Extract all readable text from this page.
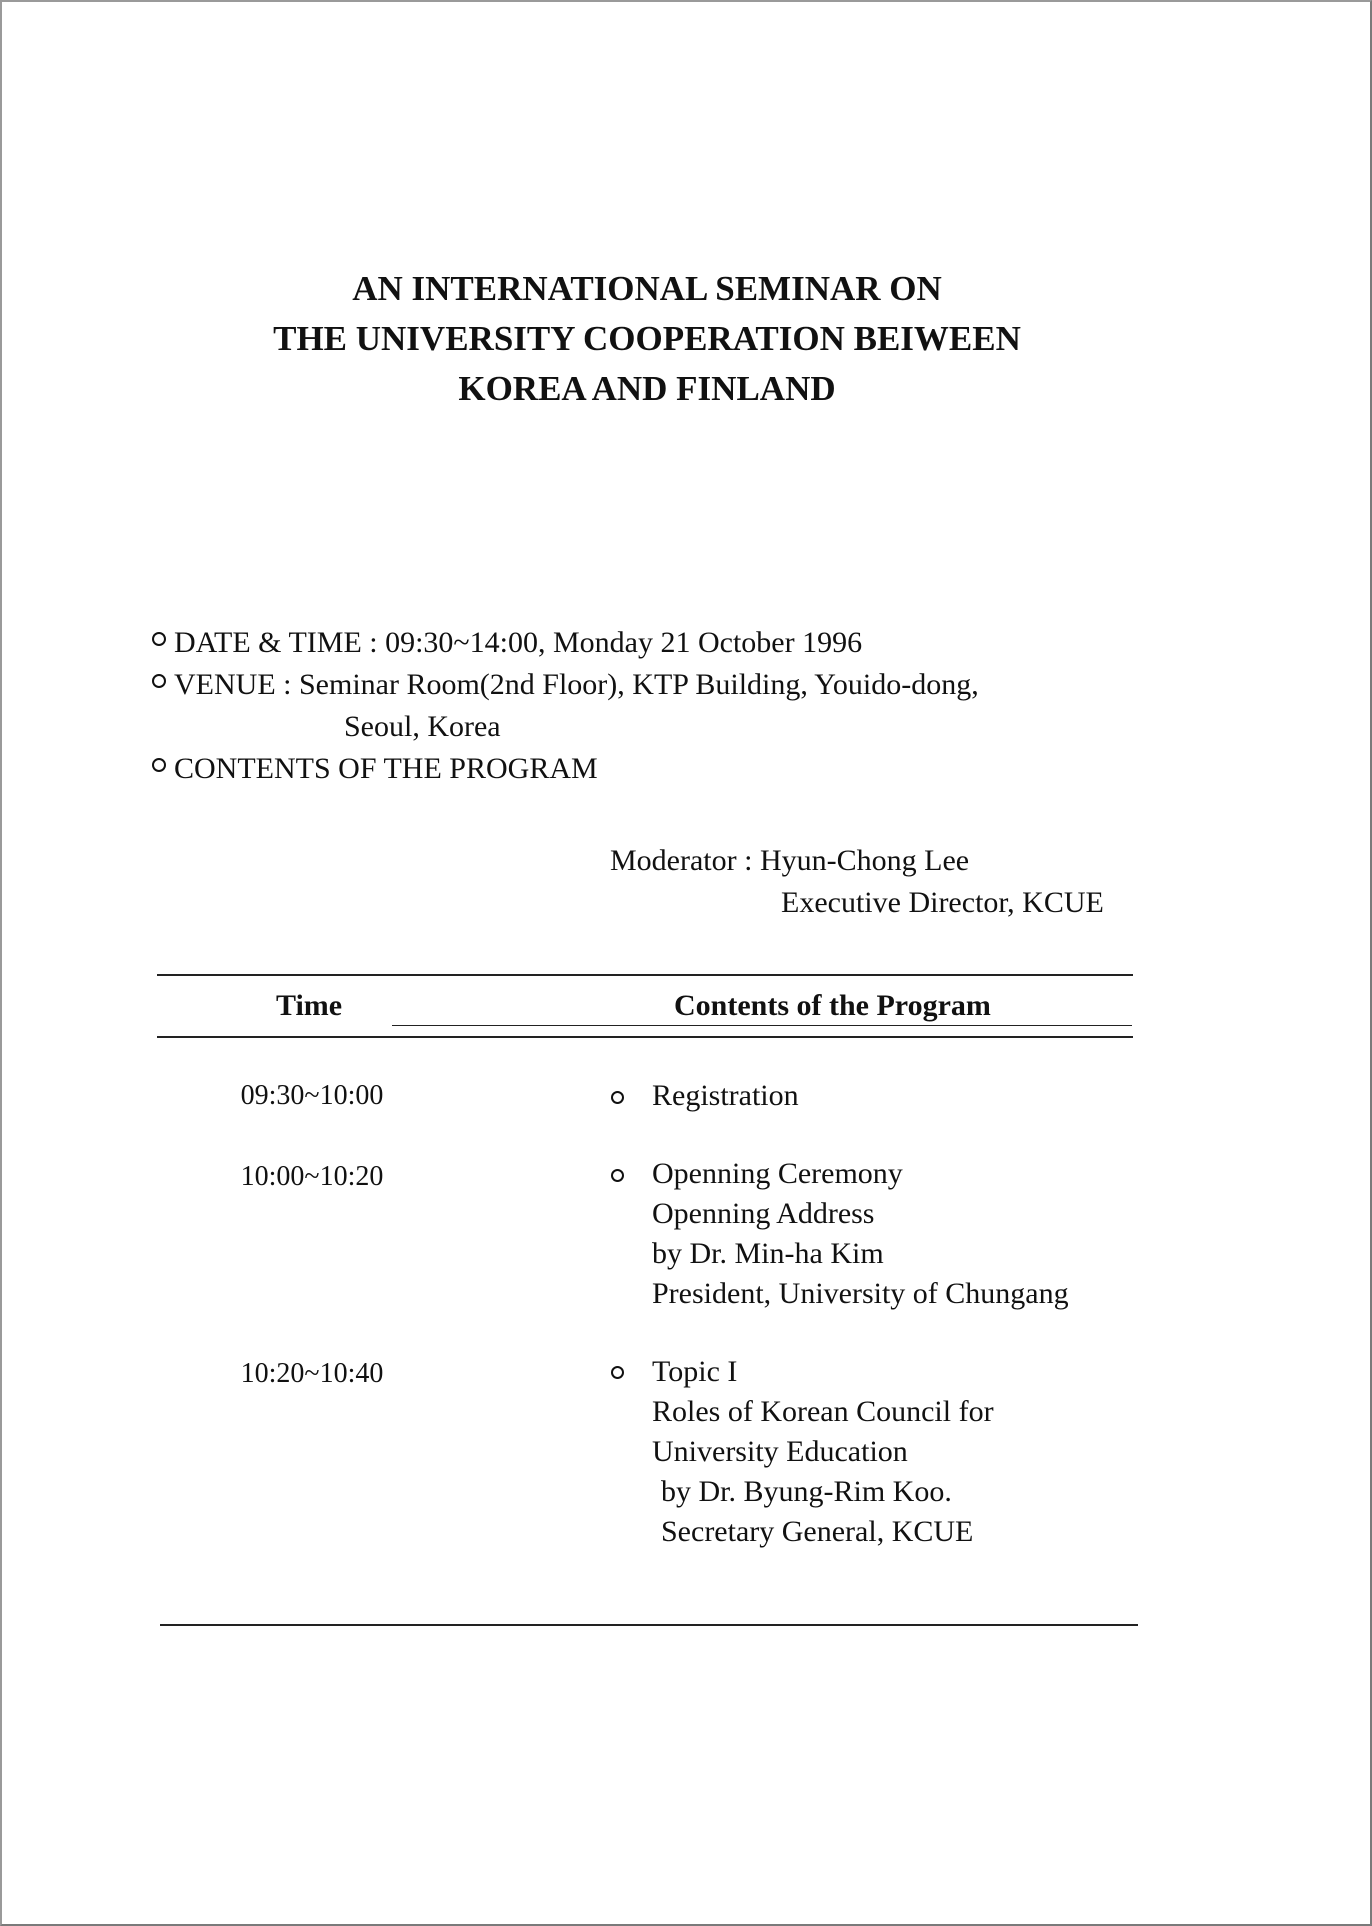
AN INTERNATIONAL SEMINAR ON
THE UNIVERSITY COOPERATION BEIWEEN
KOREA AND FINLAND
DATE & TIME : 09:30~14:00, Monday 21 October 1996
VENUE : Seminar Room(2nd Floor), KTP Building, Youido-dong,
Seoul, Korea
CONTENTS OF THE PROGRAM
Moderator : Hyun-Chong Lee
Executive Director, KCUE
Time	Contents of the Program
09:30~10:00	Registration
10:00~10:20	Openning Ceremony
Openning Address
by Dr. Min-ha Kim
President, University of Chungang
10:20~10:40	Topic I
Roles of Korean Council for
University Education
by Dr. Byung-Rim Koo.
Secretary General, KCUE
